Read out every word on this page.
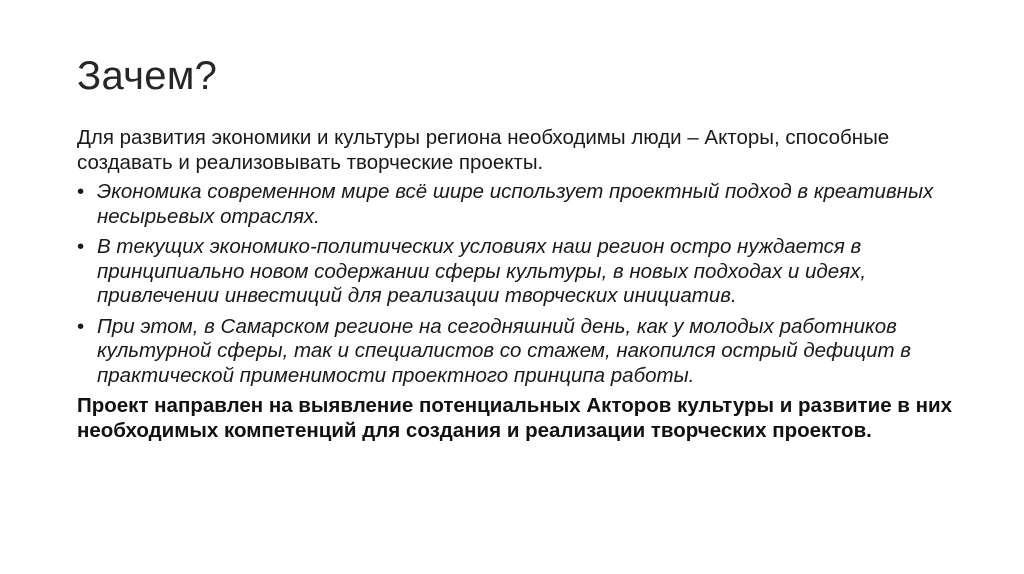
Зачем?

Для развития экономики и культуры региона необходимы люди – Акторы, способные создавать и реализовывать творческие проекты.

• Экономика современном мире всё шире использует проектный подход в креативных несырьевых отраслях.
• В текущих экономико-политических условиях наш регион остро нуждается в принципиально новом содержании сферы культуры, в новых подходах и идеях, привлечении инвестиций для реализации творческих инициатив.
• При этом, в Самарском регионе на сегодняшний день, как у молодых работников культурной сферы, так и специалистов со стажем, накопился острый дефицит в практической применимости проектного принципа работы.

Проект направлен на выявление потенциальных Акторов культуры и развитие в них необходимых компетенций для создания и реализации творческих проектов.
